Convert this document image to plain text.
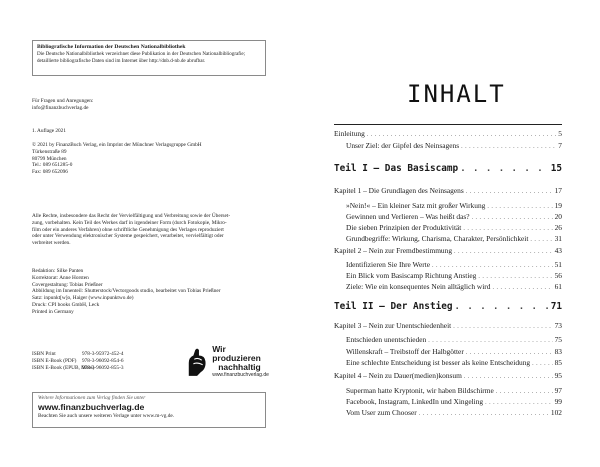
Bibliografische Information der Deutschen Nationalbibliothek
Die Deutsche Nationalbibliothek verzeichnet diese Publikation in der Deutschen Nationalbibliografie;
detaillierte bibliografische Daten sind im Internet über http://dnb.d-nb.de abrufbar.
Für Fragen und Anregungen:
info@finanzbuchverlag.de
1. Auflage 2021
© 2021 by FinanzBuch Verlag, ein Imprint der Münchner Verlagsgruppe GmbH
Türkenstraße 89
80799 München
Tel.: 089 651285-0
Fax: 089 652096
Alle Rechte, insbesondere das Recht der Vervielfältigung und Verbreitung sowie der Überset-
zung, vorbehalten. Kein Teil des Werkes darf in irgendeiner Form (durch Fotokopie, Mikro-
film oder ein anderes Verfahren) ohne schriftliche Genehmigung des Verlages reproduziert
oder unter Verwendung elektronischer Systeme gespeichert, verarbeitet, vervielfältigt oder
verbreitet werden.
Redaktion: Silke Panten
Korrektorat: Anne Horsten
Covergestaltung: Tobias Prießner
Abbildung im Innenteil: Shutterstock/Vectorgoods studio, bearbeitet von Tobias Prießner
Satz: inpunkt[w]o, Haiger (www.inpunktwo.de)
Druck: CPI books GmbH, Leck
Printed in Germany
ISBN Print	978-3-95972-452-4
ISBN E-Book (PDF) 978-3-96092-854-6
ISBN E-Book (EPUB, Mobi)978-3-96092-855-3
Wir produzieren
nachhaltig
www.finanzbuchverlag.de
Weitere Informationen zum Verlag finden Sie unter
www.finanzbuchverlag.de
Beachten Sie auch unsere weiteren Verlage unter www.m-vg.de.
INHALT
Einleitung . . .	5
Unser Ziel: der Gipfel des Neinsagens . . .	7
Teil I – Das Basiscamp . . .	15
Kapitel 1 – Die Grundlagen des Neinsagens . . .	17
»Nein!« – Ein kleiner Satz mit großer Wirkung . . .	19
Gewinnen und Verlieren – Was heißt das? . . .	20
Die sieben Prinzipien der Produktivität . . .	26
Grundbegriffe: Wirkung, Charisma, Charakter, Persönlichkeit . . .	31
Kapitel 2 – Nein zur Fremdbestimmung . . .	43
Identifizieren Sie Ihre Werte . . .	51
Ein Blick vom Basiscamp Richtung Anstieg . . .	56
Ziele: Wie ein konsequentes Nein alltäglich wird . . .	61
Teil II – Der Anstieg . . .	71
Kapitel 3 – Nein zur Unentschiedenheit . . .	73
Entschieden unentschieden . . .	75
Willenskraft – Treibstoff der Halbgötter . . .	83
Eine schlechte Entscheidung ist besser als keine Entscheidung . . .	85
Kapitel 4 – Nein zu Dauer(medien)konsum . . .	95
Superman hatte Kryptonit, wir haben Bildschirme . . .	97
Facebook, Instagram, LinkedIn und Xingeling . . .	99
Vom User zum Chooser . . .	102
